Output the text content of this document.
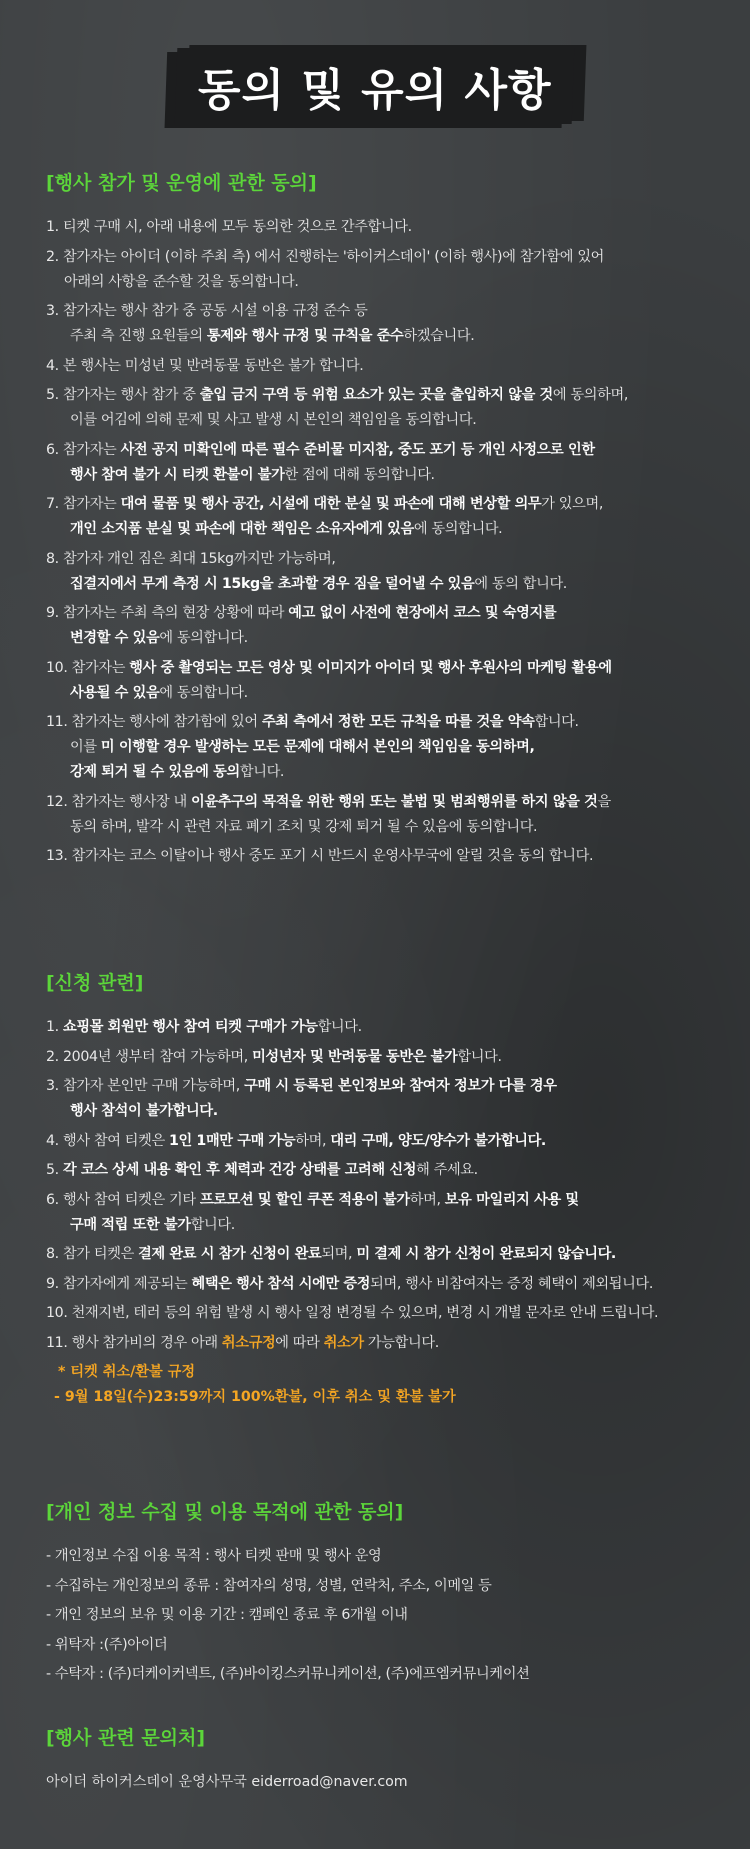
동의 및 유의 사항
[행사 참가 및 운영에 관한 동의]
1. 티켓 구매 시, 아래 내용에 모두 동의한 것으로 간주합니다.
2. 참가자는 아이더 (이하 주최 측) 에서 진행하는 '하이커스데이' (이하 행사)에 참가함에 있어
아래의 사항을 준수할 것을 동의합니다.
3. 참가자는 행사 참가 중 공동 시설 이용 규정 준수 등
주최 측 진행 요원들의 통제와 행사 규정 및 규칙을 준수하겠습니다.
4. 본 행사는 미성년 및 반려동물 동반은 불가 합니다.
5. 참가자는 행사 참가 중 출입 금지 구역 등 위험 요소가 있는 곳을 출입하지 않을 것에 동의하며,
이를 어김에 의해 문제 및 사고 발생 시 본인의 책임임을 동의합니다.
6. 참가자는 사전 공지 미확인에 따른 필수 준비물 미지참, 중도 포기 등 개인 사정으로 인한
행사 참여 불가 시 티켓 환불이 불가한 점에 대해 동의합니다.
7. 참가자는 대여 물품 및 행사 공간, 시설에 대한 분실 및 파손에 대해 변상할 의무가 있으며,
개인 소지품 분실 및 파손에 대한 책임은 소유자에게 있음에 동의합니다.
8. 참가자 개인 짐은 최대 15kg까지만 가능하며,
집결지에서 무게 측정 시 15kg을 초과할 경우 짐을 덜어낼 수 있음에 동의 합니다.
9. 참가자는 주최 측의 현장 상황에 따라 예고 없이 사전에 현장에서 코스 및 숙영지를
변경할 수 있음에 동의합니다.
10. 참가자는 행사 중 촬영되는 모든 영상 및 이미지가 아이더 및 행사 후원사의 마케팅 활용에
사용될 수 있음에 동의합니다.
11. 참가자는 행사에 참가함에 있어 주최 측에서 정한 모든 규칙을 따를 것을 약속합니다.
이를 미 이행할 경우 발생하는 모든 문제에 대해서 본인의 책임임을 동의하며,
강제 퇴거 될 수 있음에 동의합니다.
12. 참가자는 행사장 내 이윤추구의 목적을 위한 행위 또는 불법 및 범죄행위를 하지 않을 것을
동의 하며, 발각 시 관련 자료 폐기 조치 및 강제 퇴거 될 수 있음에 동의합니다.
13. 참가자는 코스 이탈이나 행사 중도 포기 시 반드시 운영사무국에 알릴 것을 동의 합니다.
[신청 관련]
1. 쇼핑몰 회원만 행사 참여 티켓 구매가 가능합니다.
2. 2004년 생부터 참여 가능하며, 미성년자 및 반려동물 동반은 불가합니다.
3. 참가자 본인만 구매 가능하며, 구매 시 등록된 본인정보와 참여자 정보가 다를 경우
행사 참석이 불가합니다.
4. 행사 참여 티켓은 1인 1매만 구매 가능하며, 대리 구매, 양도/양수가 불가합니다.
5. 각 코스 상세 내용 확인 후 체력과 건강 상태를 고려해 신청해 주세요.
6. 행사 참여 티켓은 기타 프로모션 및 할인 쿠폰 적용이 불가하며, 보유 마일리지 사용 및
구매 적립 또한 불가합니다.
8. 참가 티켓은 결제 완료 시 참가 신청이 완료되며, 미 결제 시 참가 신청이 완료되지 않습니다.
9. 참가자에게 제공되는 혜택은 행사 참석 시에만 증정되며, 행사 비참여자는 증정 혜택이 제외됩니다.
10. 천재지변, 테러 등의 위험 발생 시 행사 일정 변경될 수 있으며, 변경 시 개별 문자로 안내 드립니다.
11. 행사 참가비의 경우 아래 취소규정에 따라 취소가 가능합니다.
* 티켓 취소/환불 규정
- 9월 18일(수)23:59까지 100%환불, 이후 취소 및 환불 불가
[개인 정보 수집 및 이용 목적에 관한 동의]
- 개인정보 수집 이용 목적 : 행사 티켓 판매 및 행사 운영
- 수집하는 개인정보의 종류 : 참여자의 성명, 성별, 연락처, 주소, 이메일 등
- 개인 정보의 보유 및 이용 기간 : 캠페인 종료 후 6개월 이내
- 위탁자 :(주)아이더
- 수탁자 : (주)더케이커넥트, (주)바이킹스커뮤니케이션, (주)에프엠커뮤니케이션
[행사 관련 문의처]
아이더 하이커스데이 운영사무국 eiderroad@naver.com
